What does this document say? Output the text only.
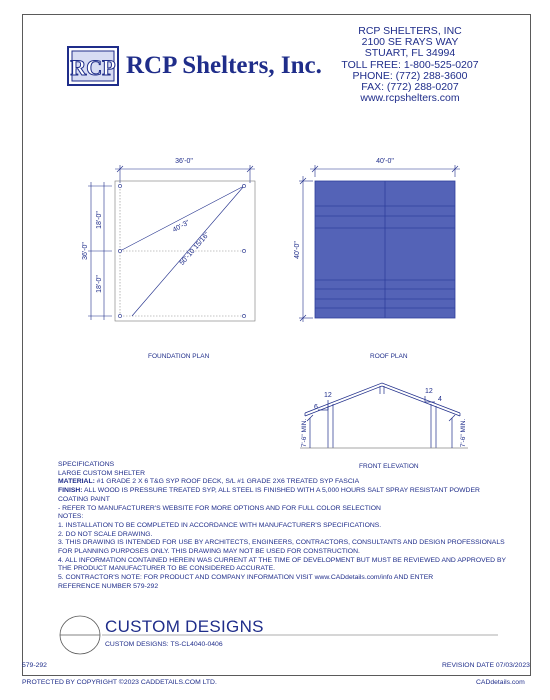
RCP RCP Shelters, Inc.
RCP SHELTERS, INC
2100 SE RAYS WAY
STUART, FL 34994
TOLL FREE: 1-800-525-0207
PHONE: (772) 288-3600
FAX: (772) 288-0207
www.rcpshelters.com
36'-0"
36'-0"
18'-0"
18'-0"
40'-3"
50'-10 15/16"
FOUNDATION PLAN
40'-0"
40'-0"
ROOF PLAN
12
6
12
4
7'-6" MIN.	7'-6" MIN.
FRONT ELEVATION
SPECIFICATIONS
LARGE CUSTOM SHELTER
MATERIAL: #1 GRADE 2 X 6 T&G SYP ROOF DECK, S/L #1 GRADE 2X6 TREATED SYP FASCIA
FINISH: ALL WOOD IS PRESSURE TREATED SYP, ALL STEEL IS FINISHED WITH A 5,000 HOURS SALT SPRAY RESISTANT POWDER
COATING PAINT
- REFER TO MANUFACTURER'S WEBSITE FOR MORE OPTIONS AND FOR FULL COLOR SELECTION
NOTES:
1. INSTALLATION TO BE COMPLETED IN ACCORDANCE WITH MANUFACTURER'S SPECIFICATIONS.
2. DO NOT SCALE DRAWING.
3. THIS DRAWING IS INTENDED FOR USE BY ARCHITECTS, ENGINEERS, CONTRACTORS, CONSULTANTS AND DESIGN PROFESSIONALS
FOR PLANNING PURPOSES ONLY. THIS DRAWING MAY NOT BE USED FOR CONSTRUCTION.
4. ALL INFORMATION CONTAINED HEREIN WAS CURRENT AT THE TIME OF DEVELOPMENT BUT MUST BE REVIEWED AND APPROVED BY
THE PRODUCT MANUFACTURER TO BE CONSIDERED ACCURATE.
5. CONTRACTOR'S NOTE: FOR PRODUCT AND COMPANY INFORMATION VISIT www.CADdetails.com/info AND ENTER
REFERENCE NUMBER 579-292
CUSTOM DESIGNS
CUSTOM DESIGNS: TS-CL4040-0406
579-292	REVISION DATE 07/03/2023
PROTECTED BY COPYRIGHT ©2023 CADDETAILS.COM LTD.	CADdetails.com
